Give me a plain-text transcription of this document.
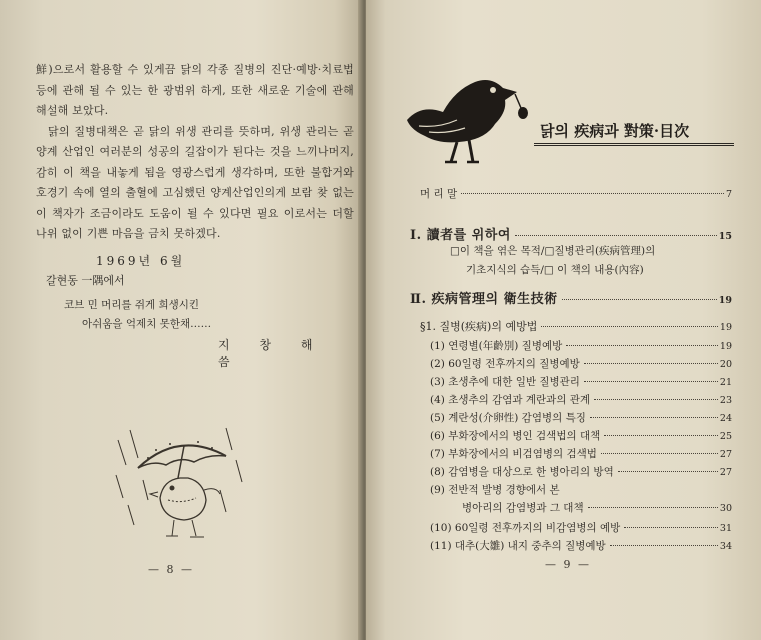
鮮)으로서 활용할 수 있게끔 닭의 각종 질병의 진단·예방·치료법 등에 관해 될 수 있는 한 광범위 하게, 또한 새로운 기술에 관해 해설해 보았다.

닭의 질병대책은 곧 닭의 위생 관리를 뜻하며, 위생 관리는 곧 양계 산업인 여러분의 성공의 길잡이가 된다는 것을 느끼나머지, 감히 이 책을 내놓게 됨을 영광스럽게 생각하며, 또한 불합거와 호경기 속에 열의 출혈에 고심했던 양계산업인의게 보람 찾 없는 이 책자가 조금이라도 도움이 될 수 있다면 필요 이로서는 더할 나위 없이 기쁜 마음을 금치 못하겠다.

1969년 6월
갈현동 一隅에서
코브 민 머리를 쥐게 희생시킨
아쉬움을 억제치 못한채……
지 창 해 씀
— 8 —
닭의 疾病과 對策·目次
머 리 말	7
Ⅰ. 讀者를 위하여	15
□이 책을 엮은 목적/□질병관리(疾病管理)의
기초지식의 습득/□ 이 책의 내용(內容)
Ⅱ. 疾病管理의 衛生技術	19
§1. 질병(疾病)의 예방법	19
(1) 연령별(年齡別) 질병예방	19
(2) 60일령 전후까지의 질병예방	20
(3) 초생추에 대한 일반 질병관리	21
(4) 초생추의 감염과 계란과의 관계	23
(5) 계란성(介卵性) 감염병의 특징	24
(6) 부화장에서의 병인 검색법의 대책	25
(7) 부화장에서의 비검염병의 검색법	27
(8) 감염병을 대상으로 한 병아리의 방역	27
(9) 전반적 발병 경향에서 본
병아리의 감염병과 그 대책	30
(10) 60일령 전후까지의 비감염병의 예방	31
(11) 대추(大雛) 내지 중추의 질병예방	34
— 9 —
